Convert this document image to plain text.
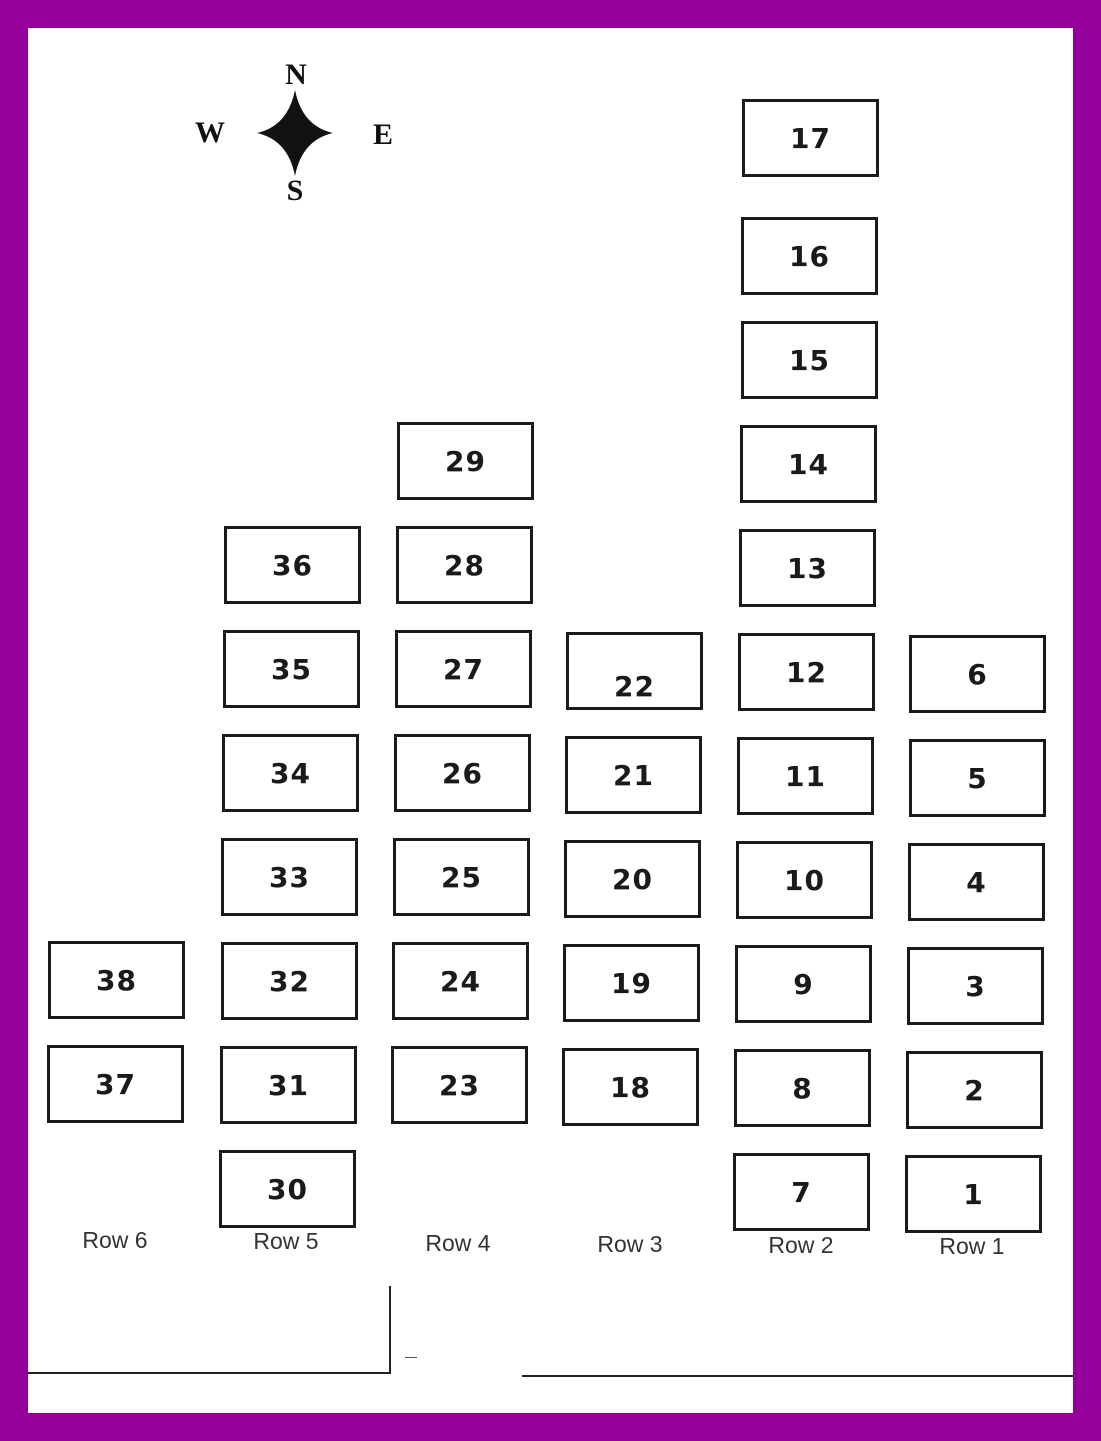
N
S
W	E
6
5
4
3
2
1
17
16
15
14
13
12
11
10
9
8
7
22
21
20
19
18
29
28
27
26
25
24
23
36
35
34
33
32
31
30
38
37
Row 6	Row 5	Row 4	Row 3	Row 2	Row 1
